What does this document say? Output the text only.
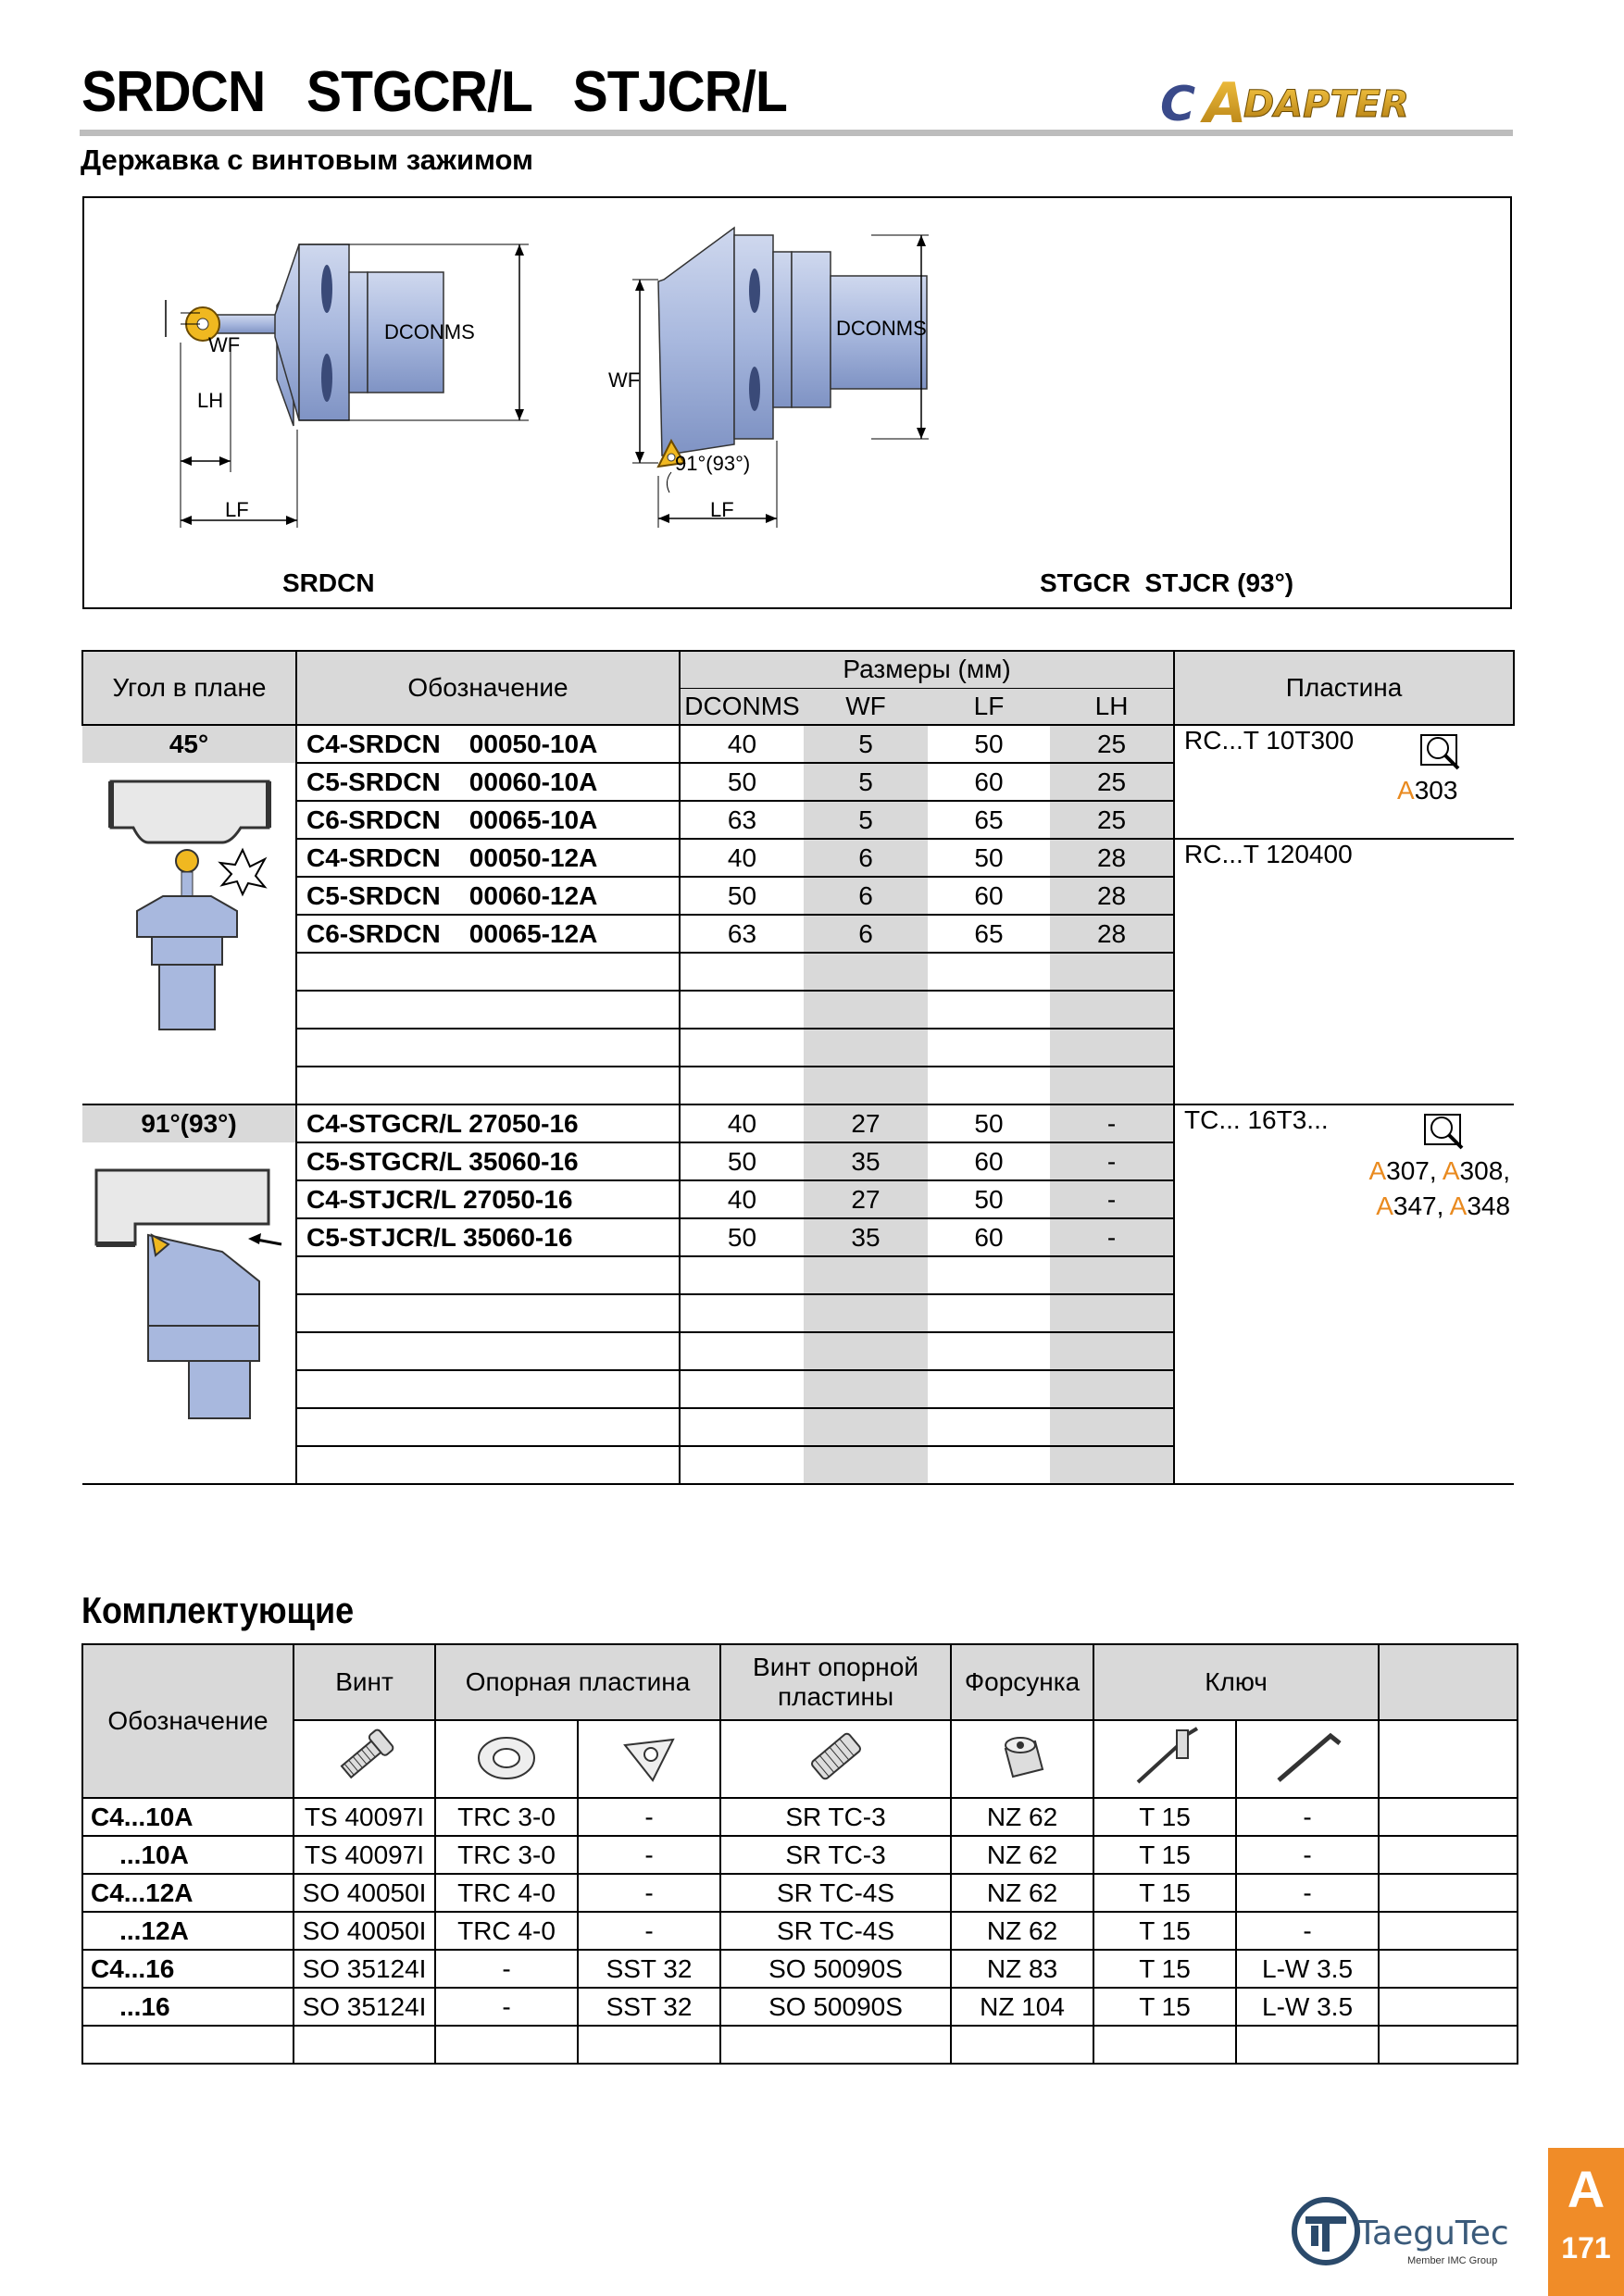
SRDCN   STGCR/L   STJCR/L
Державка с винтовым зажимом
C A
DAPTER
WF
LH
LF
DCONMS
WF
LF
DCONMS
91°(93°)
SRDCN	STGCR  STJCR (93°)
Угол в плане	Обозначение	Размеры (мм)				Пластина
		DCONMS	WF	LF	LH	
45°	C4-SRDCN    00050-10A	40	5	50	25	RC...T 10T300
A303

	C5-SRDCN    00060-10A	50	5	60	25	
	C6-SRDCN    00065-10A	63	5	65	25	
	C4-SRDCN    00050-12A	40	6	50	28	RC...T 120400
	C5-SRDCN    00060-12A	50	6	60	28	
	C6-SRDCN    00065-12A	63	6	65	28	

91°(93°)	C4-STGCR/L 27050-16	40	27	50	-	TC... 16T3...
A307, A308,
A347, A348

	C5-STGCR/L 35060-16	50	35	60	-	
	C4-STJCR/L 27050-16	40	27	50	-	
	C5-STJCR/L 35060-16	50	35	60	-	

Комплектующие
Обозначение	Винт	Опорная пластина		Винт опорной пластины	Форсунка	Ключ		

C4...10A	TS 40097I	TRC 3-0	-	SR TC-3	NZ 62	T 15	-	
...10A	TS 40097I	TRC 3-0	-	SR TC-3	NZ 62	T 15	-	
C4...12A	SO 40050I	TRC 4-0	-	SR TC-4S	NZ 62	T 15	-	
...12A	SO 40050I	TRC 4-0	-	SR TC-4S	NZ 62	T 15	-	
C4...16	SO 35124I	-	SST 32	SO 50090S	NZ 83	T 15	L-W 3.5	
...16	SO 35124I	-	SST 32	SO 50090S	NZ 104	T 15	L-W 3.5	

TaeguTec
Member IMC Group
A
171
